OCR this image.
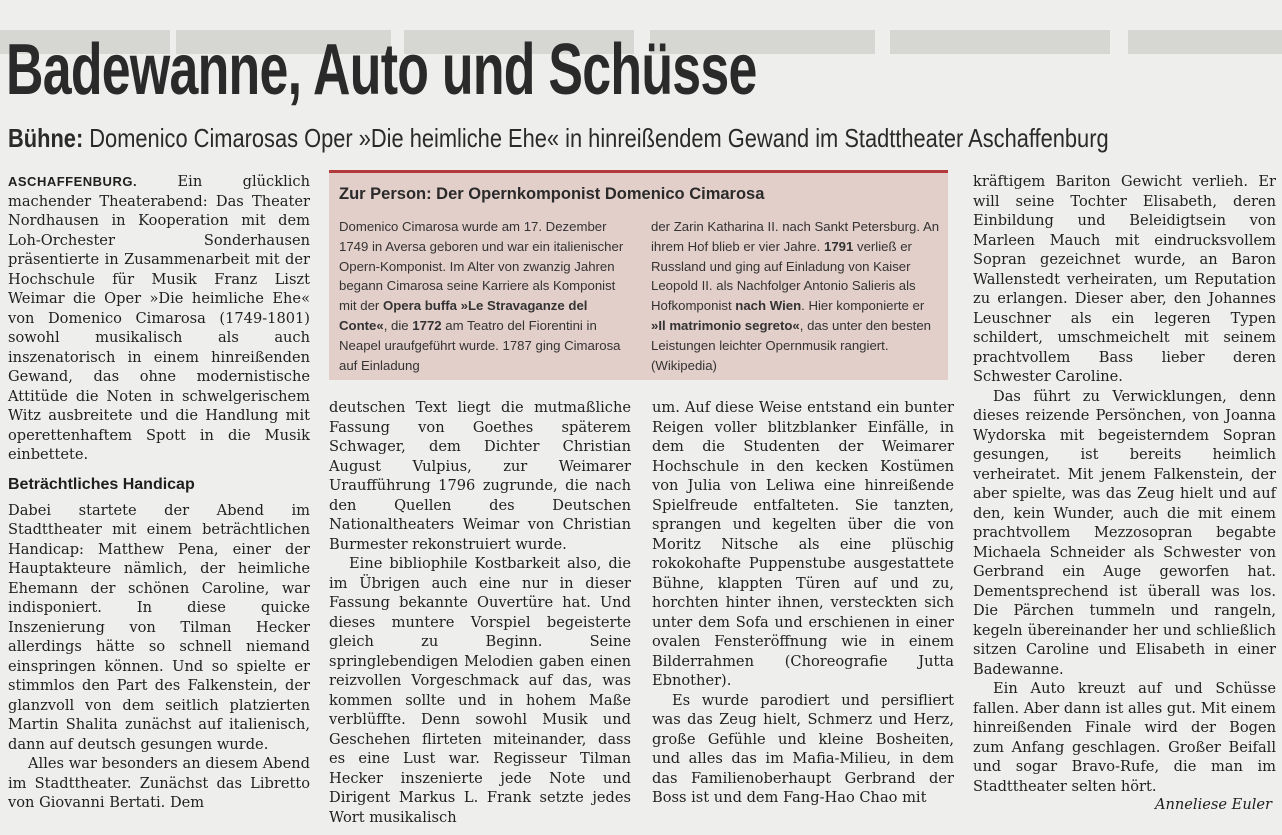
Badewanne, Auto und Schüsse
Bühne: Domenico Cimarosas Oper »Die heimliche Ehe« in hinreißendem Gewand im Stadttheater Aschaffenburg

ASCHAFFENBURG. Ein glücklich machender Theaterabend: Das Theater Nordhausen in Kooperation mit dem Loh-Orchester Sonderhausen präsentierte in Zusammenarbeit mit der Hochschule für Musik Franz Liszt Weimar die Oper »Die heimliche Ehe« von Domenico Cimarosa (1749-1801) sowohl musikalisch als auch inszenatorisch in einem hinreißenden Gewand, das ohne modernistische Attitüde die Noten in schwelgerischem Witz ausbreitete und die Handlung mit operettenhaftem Spott in die Musik einbettete.

Beträchtliches Handicap

Dabei startete der Abend im Stadttheater mit einem beträchtlichen Handicap: Matthew Pena, einer der Hauptakteure nämlich, der heimliche Ehemann der schönen Caroline, war indisponiert. In diese quicke Inszenierung von Tilman Hecker allerdings hätte so schnell niemand einspringen können. Und so spielte er stimmlos den Part des Falkenstein, der glanzvoll von dem seitlich platzierten Martin Shalita zunächst auf italienisch, dann auf deutsch gesungen wurde.

Alles war besonders an diesem Abend im Stadttheater. Zunächst das Libretto von Giovanni Bertati. Dem

Zur Person: Der Opernkomponist Domenico Cimarosa
Domenico Cimarosa wurde am 17. Dezember 1749 in Aversa geboren und war ein italienischer Opern-Komponist. Im Alter von zwanzig Jahren begann Cimarosa seine Karriere als Komponist mit der Opera buffa »Le Stravaganze del Conte«, die 1772 am Teatro del Fiorentini in Neapel uraufgeführt wurde. 1787 ging Cimarosa auf Einladung
der Zarin Katharina II. nach Sankt Petersburg. An ihrem Hof blieb er vier Jahre. 1791 verließ er Russland und ging auf Einladung von Kaiser Leopold II. als Nachfolger Antonio Salieris als Hofkomponist nach Wien. Hier komponierte er »Il matrimonio segreto«, das unter den besten Leistungen leichter Opernmusik rangiert. (Wikipedia)

deutschen Text liegt die mutmaßliche Fassung von Goethes späterem Schwager, dem Dichter Christian August Vulpius, zur Weimarer Uraufführung 1796 zugrunde, die nach den Quellen des Deutschen Nationaltheaters Weimar von Christian Burmester rekonstruiert wurde.

Eine bibliophile Kostbarkeit also, die im Übrigen auch eine nur in dieser Fassung bekannte Ouvertüre hat. Und dieses muntere Vorspiel begeisterte gleich zu Beginn. Seine springlebendigen Melodien gaben einen reizvollen Vorgeschmack auf das, was kommen sollte und in hohem Maße verblüffte. Denn sowohl Musik und Geschehen flirteten miteinander, dass es eine Lust war. Regisseur Tilman Hecker inszenierte jede Note und Dirigent Markus L. Frank setzte jedes Wort musikalisch

um. Auf diese Weise entstand ein bunter Reigen voller blitzblanker Einfälle, in dem die Studenten der Weimarer Hochschule in den kecken Kostümen von Julia von Leliwa eine hinreißende Spielfreude entfalteten. Sie tanzten, sprangen und kegelten über die von Moritz Nitsche als eine plüschig rokokohafte Puppenstube ausgestattete Bühne, klappten Türen auf und zu, horchten hinter ihnen, versteckten sich unter dem Sofa und erschienen in einer ovalen Fensteröffnung wie in einem Bilderrahmen (Choreografie Jutta Ebnother).

Es wurde parodiert und persifliert was das Zeug hielt, Schmerz und Herz, große Gefühle und kleine Bosheiten, und alles das im Mafia-Milieu, in dem das Familienoberhaupt Gerbrand der Boss ist und dem Fang-Hao Chao mit

kräftigem Bariton Gewicht verlieh. Er will seine Tochter Elisabeth, deren Einbildung und Beleidigtsein von Marleen Mauch mit eindrucksvollem Sopran gezeichnet wurde, an Baron Wallenstedt verheiraten, um Reputation zu erlangen. Dieser aber, den Johannes Leuschner als ein legeren Typen schildert, umschmeichelt mit seinem prachtvollem Bass lieber deren Schwester Caroline.

Das führt zu Verwicklungen, denn dieses reizende Persönchen, von Joanna Wydorska mit begeisterndem Sopran gesungen, ist bereits heimlich verheiratet. Mit jenem Falkenstein, der aber spielte, was das Zeug hielt und auf den, kein Wunder, auch die mit einem prachtvollem Mezzosopran begabte Michaela Schneider als Schwester von Gerbrand ein Auge geworfen hat. Dementsprechend ist überall was los. Die Pärchen tummeln und rangeln, kegeln übereinander her und schließlich sitzen Caroline und Elisabeth in einer Badewanne.

Ein Auto kreuzt auf und Schüsse fallen. Aber dann ist alles gut. Mit einem hinreißenden Finale wird der Bogen zum Anfang geschlagen. Großer Beifall und sogar Bravo-Rufe, die man im Stadttheater selten hört.

Anneliese Euler
